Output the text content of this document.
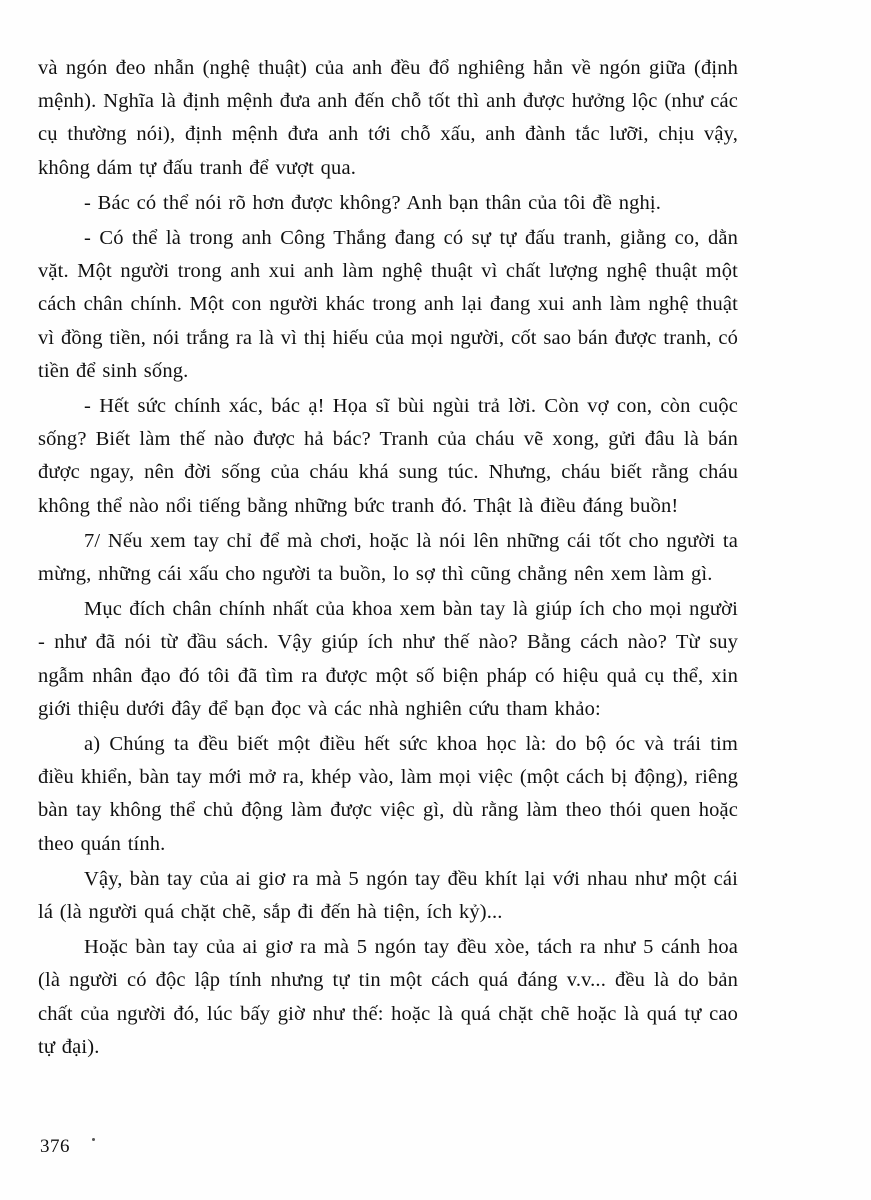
và ngón đeo nhẫn (nghệ thuật) của anh đều đổ nghiêng hẳn về ngón giữa (định mệnh). Nghĩa là định mệnh đưa anh đến chỗ tốt thì anh được hưởng lộc (như các cụ thường nói), định mệnh đưa anh tới chỗ xấu, anh đành tắc lưỡi, chịu vậy, không dám tự đấu tranh để vượt qua.

- Bác có thể nói rõ hơn được không? Anh bạn thân của tôi đề nghị.

- Có thể là trong anh Công Thắng đang có sự tự đấu tranh, giằng co, dằn vặt. Một người trong anh xui anh làm nghệ thuật vì chất lượng nghệ thuật một cách chân chính. Một con người khác trong anh lại đang xui anh làm nghệ thuật vì đồng tiền, nói trắng ra là vì thị hiếu của mọi người, cốt sao bán được tranh, có tiền để sinh sống.

- Hết sức chính xác, bác ạ! Họa sĩ bùi ngùi trả lời. Còn vợ con, còn cuộc sống? Biết làm thế nào được hả bác? Tranh của cháu vẽ xong, gửi đâu là bán được ngay, nên đời sống của cháu khá sung túc. Nhưng, cháu biết rằng cháu không thể nào nổi tiếng bằng những bức tranh đó. Thật là điều đáng buồn!

7/ Nếu xem tay chỉ để mà chơi, hoặc là nói lên những cái tốt cho người ta mừng, những cái xấu cho người ta buồn, lo sợ thì cũng chẳng nên xem làm gì.

Mục đích chân chính nhất của khoa xem bàn tay là giúp ích cho mọi người - như đã nói từ đầu sách. Vậy giúp ích như thế nào? Bằng cách nào? Từ suy ngẫm nhân đạo đó tôi đã tìm ra được một số biện pháp có hiệu quả cụ thể, xin giới thiệu dưới đây để bạn đọc và các nhà nghiên cứu tham khảo:

a) Chúng ta đều biết một điều hết sức khoa học là: do bộ óc và trái tim điều khiển, bàn tay mới mở ra, khép vào, làm mọi việc (một cách bị động), riêng bàn tay không thể chủ động làm được việc gì, dù rằng làm theo thói quen hoặc theo quán tính.

Vậy, bàn tay của ai giơ ra mà 5 ngón tay đều khít lại với nhau như một cái lá (là người quá chặt chẽ, sắp đi đến hà tiện, ích kỷ)...

Hoặc bàn tay của ai giơ ra mà 5 ngón tay đều xòe, tách ra như 5 cánh hoa (là người có độc lập tính nhưng tự tin một cách quá đáng v.v... đều là do bản chất của người đó, lúc bấy giờ như thế: hoặc là quá chặt chẽ hoặc là quá tự cao tự đại).

376
